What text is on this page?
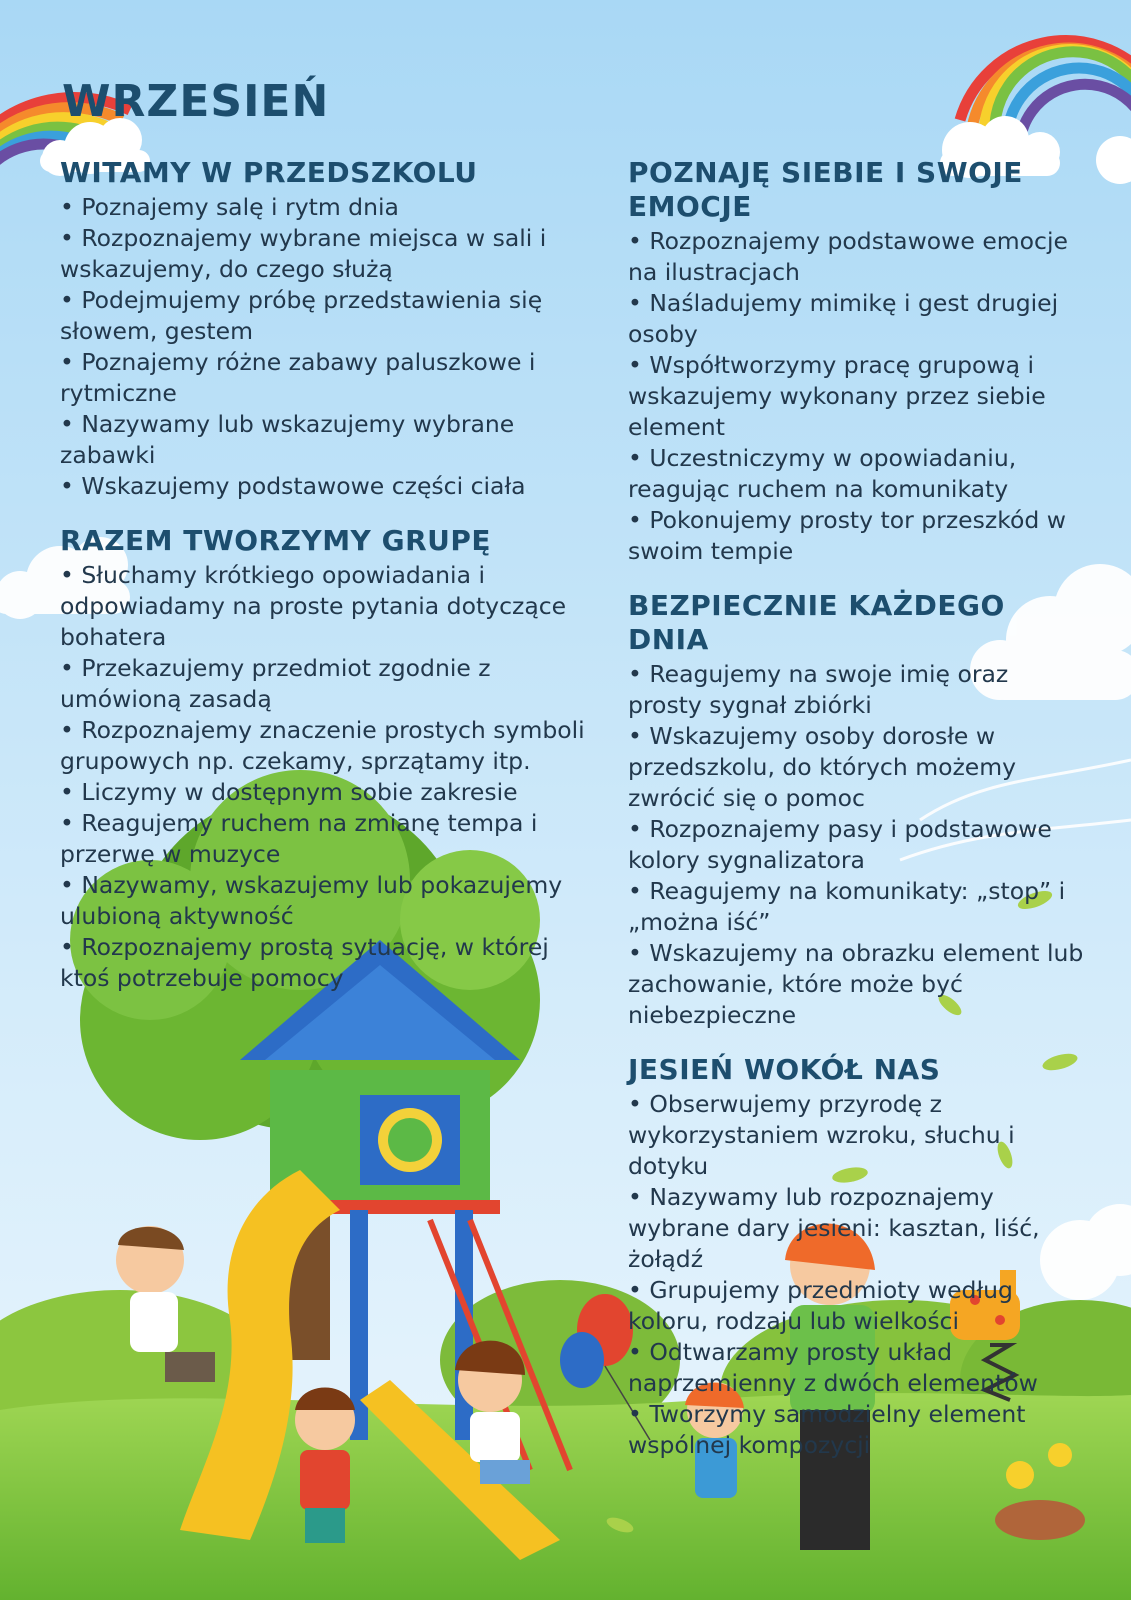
WRZESIEŃ
WITAMY W PRZEDSZKOLU
• Poznajemy salę i rytm dnia
• Rozpoznajemy wybrane miejsca w sali i wskazujemy, do czego służą
• Podejmujemy próbę przedstawienia się słowem, gestem
• Poznajemy różne zabawy paluszkowe i rytmiczne
• Nazywamy lub wskazujemy wybrane zabawki
• Wskazujemy podstawowe części ciała
RAZEM TWORZYMY GRUPĘ
• Słuchamy krótkiego opowiadania i odpowiadamy na proste pytania dotyczące bohatera
• Przekazujemy przedmiot zgodnie z umówioną zasadą
• Rozpoznajemy znaczenie prostych symboli grupowych np. czekamy, sprzątamy itp.
• Liczymy w dostępnym sobie zakresie
• Reagujemy ruchem na zmianę tempa i przerwę w muzyce
• Nazywamy, wskazujemy lub pokazujemy ulubioną aktywność
• Rozpoznajemy prostą sytuację, w której ktoś potrzebuje pomocy
POZNAJĘ SIEBIE I SWOJE EMOCJE
• Rozpoznajemy podstawowe emocje na ilustracjach
• Naśladujemy mimikę i gest drugiej osoby
• Współtworzymy pracę grupową i wskazujemy wykonany przez siebie element
• Uczestniczymy w opowiadaniu, reagując ruchem na komunikaty
• Pokonujemy prosty tor przeszkód w swoim tempie
BEZPIECZNIE KAŻDEGO DNIA
• Reagujemy na swoje imię oraz prosty sygnał zbiórki
• Wskazujemy osoby dorosłe w przedszkolu, do których możemy zwrócić się o pomoc
• Rozpoznajemy pasy i podstawowe kolory sygnalizatora
• Reagujemy na komunikaty: „stop” i „można iść”
• Wskazujemy na obrazku element lub zachowanie, które może być niebezpieczne
JESIEŃ WOKÓŁ NAS
• Obserwujemy przyrodę z wykorzystaniem wzroku, słuchu i dotyku
• Nazywamy lub rozpoznajemy wybrane dary jesieni: kasztan, liść, żołądź
• Grupujemy przedmioty według koloru, rodzaju lub wielkości
• Odtwarzamy prosty układ naprzemienny z dwóch elementów
• Tworzymy samodzielny element wspólnej kompozycji
